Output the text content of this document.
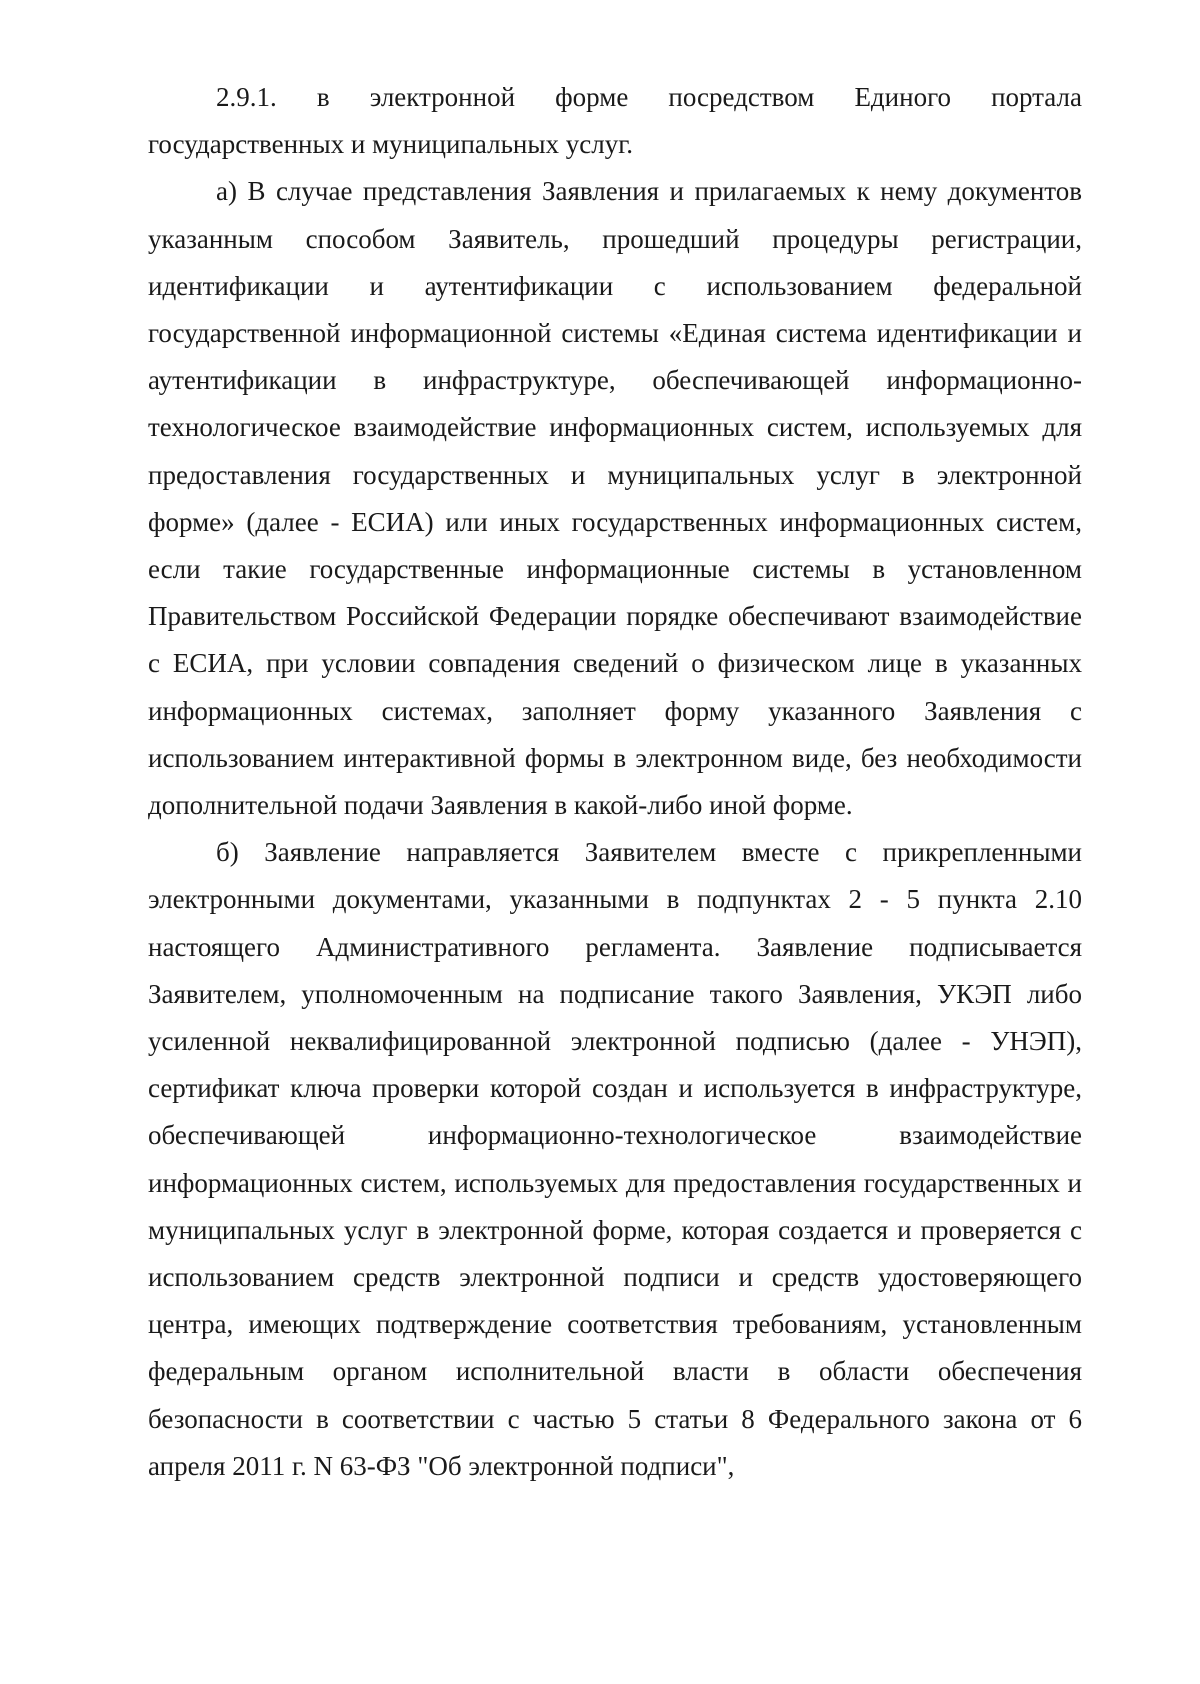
2.9.1. в электронной форме посредством Единого портала государственных и муниципальных услуг.

а) В случае представления Заявления и прилагаемых к нему документов указанным способом Заявитель, прошедший процедуры регистрации, идентификации и аутентификации с использованием федеральной государственной информационной системы «Единая система идентификации и аутентификации в инфраструктуре, обеспечивающей информационно-технологическое взаимодействие информационных систем, используемых для предоставления государственных и муниципальных услуг в электронной форме» (далее - ЕСИА) или иных государственных информационных систем, если такие государственные информационные системы в установленном Правительством Российской Федерации порядке обеспечивают взаимодействие с ЕСИА, при условии совпадения сведений о физическом лице в указанных информационных системах, заполняет форму указанного Заявления с использованием интерактивной формы в электронном виде, без необходимости дополнительной подачи Заявления в какой-либо иной форме.

б) Заявление направляется Заявителем вместе с прикрепленными электронными документами, указанными в подпунктах 2 - 5 пункта 2.10 настоящего Административного регламента. Заявление подписывается Заявителем, уполномоченным на подписание такого Заявления, УКЭП либо усиленной неквалифицированной электронной подписью (далее - УНЭП), сертификат ключа проверки которой создан и используется в инфраструктуре, обеспечивающей информационно-технологическое взаимодействие информационных систем, используемых для предоставления государственных и муниципальных услуг в электронной форме, которая создается и проверяется с использованием средств электронной подписи и средств удостоверяющего центра, имеющих подтверждение соответствия требованиям, установленным федеральным органом исполнительной власти в области обеспечения безопасности в соответствии с частью 5 статьи 8 Федерального закона от 6 апреля 2011 г. N 63-ФЗ "Об электронной подписи",
